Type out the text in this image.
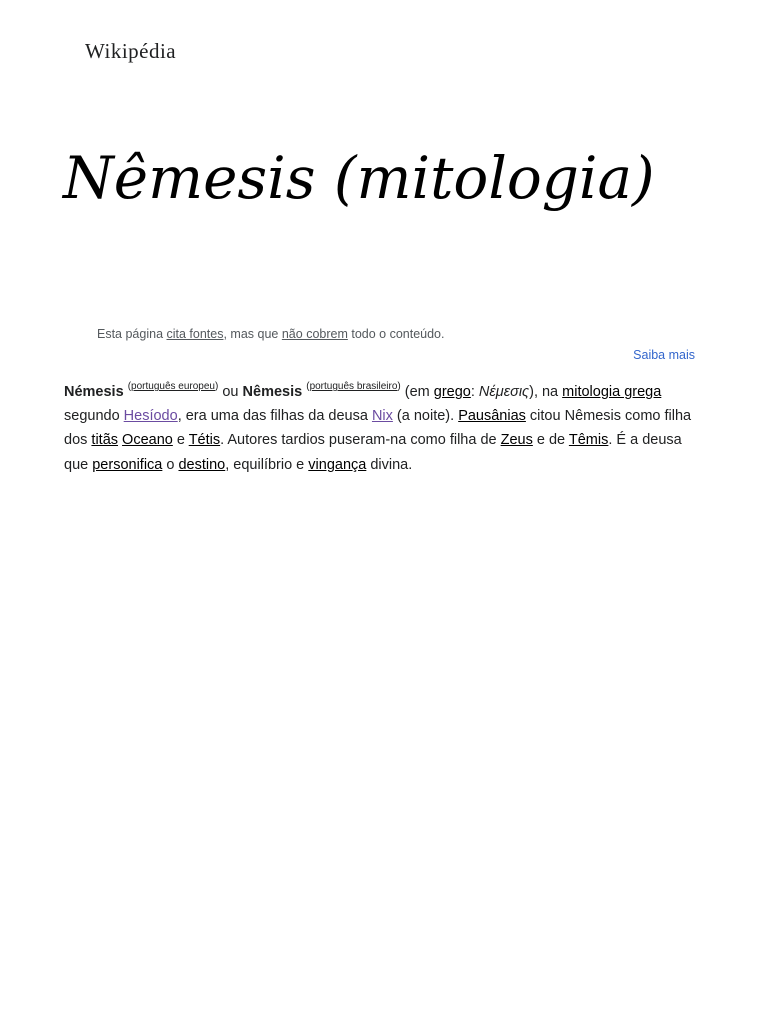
Wikipédia
Nêmesis (mitologia)
Esta página cita fontes, mas que não cobrem todo o conteúdo.
Saiba mais

Némesis $^{(português europeu)}$ ou Nêmesis $^{(português brasileiro)}$ (em grego: Νέμεσις), na mitologia grega segundo Hesíodo, era uma das filhas da deusa Nix (a noite). Pausânias citou Nêmesis como filha dos titãs Oceano e Tétis. Autores tardios puseram-na como filha de Zeus e de Têmis. É a deusa que personifica o destino, equilíbrio e vingança divina.
